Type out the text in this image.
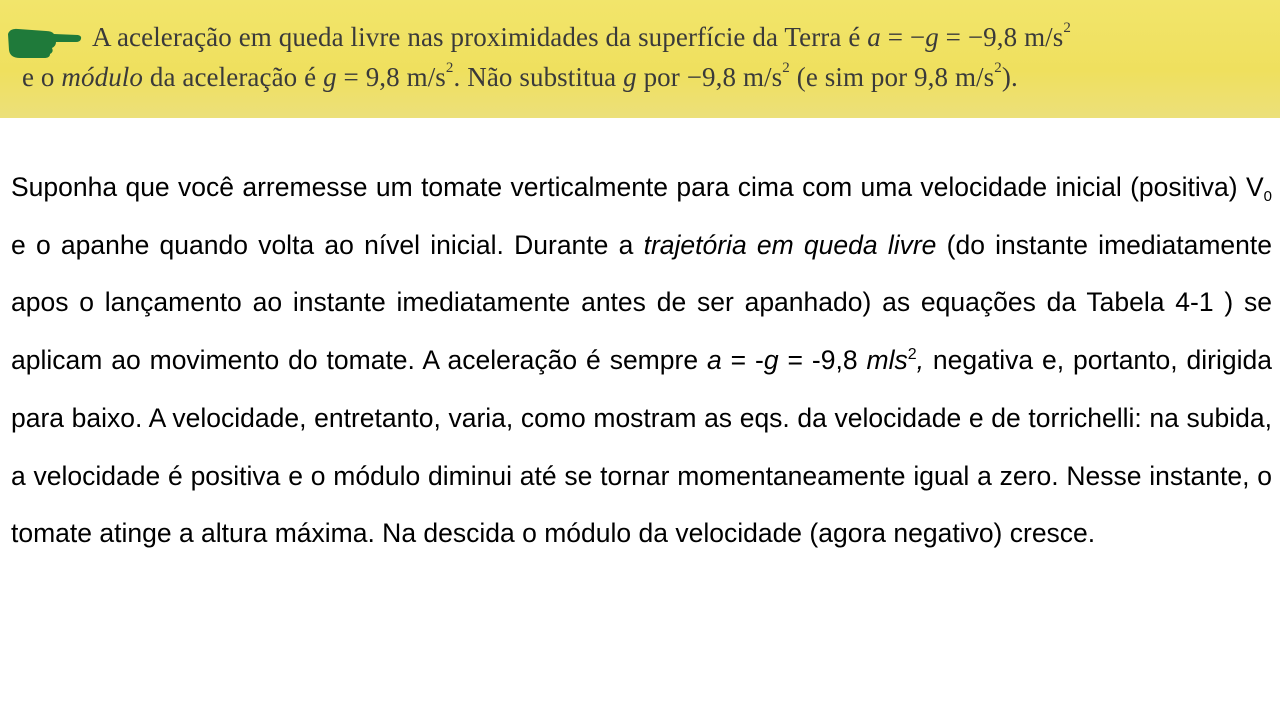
A aceleração em queda livre nas proximidades da superfície da Terra é a = −g = −9,8 $m/s^2$
e o módulo da aceleração é g = 9,8 $m/s^2$. Não substitua g por −9,8 $m/s^2$ (e sim por 9,8 $m/s^2$).
Suponha que você arremesse um tomate verticalmente para cima com uma velocidade inicial (positiva) $V_0$ e o apanhe quando volta ao nível inicial. Durante a trajetória em queda livre (do instante imediatamente apos o lançamento ao instante imediatamente antes de ser apanhado) as equações da Tabela 4-1 ) se aplicam ao movimento do tomate. A aceleração é sempre a = -g = -9,8 mls$^2$, negativa e, portanto, dirigida para baixo. A velocidade, entretanto, varia, como mostram as eqs. da velocidade e de torrichelli: na subida, a velocidade é positiva e o módulo diminui até se tornar momentaneamente igual a zero. Nesse instante, o tomate atinge a altura máxima. Na descida o módulo da velocidade (agora negativo) cresce.
